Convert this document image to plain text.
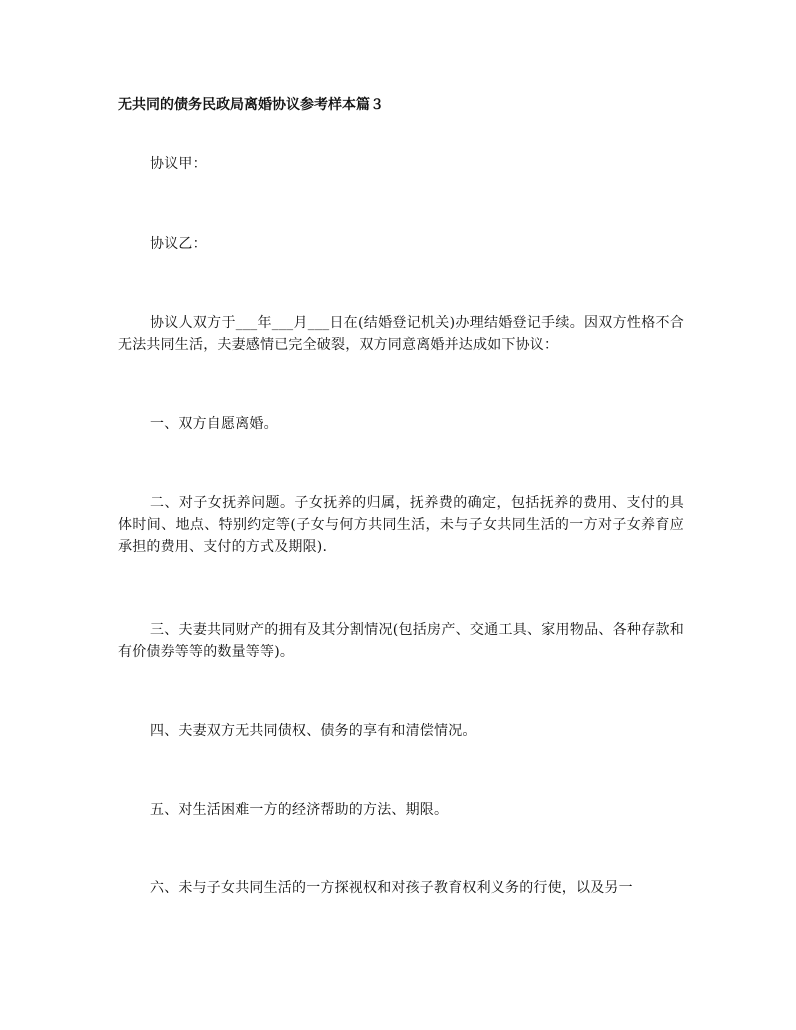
无共同的债务民政局离婚协议参考样本篇３

协议甲：

协议乙：

协议人双方于___年___月___日在(结婚登记机关)办理结婚登记手续。因双方性格不合无法共同生活，夫妻感情已完全破裂，双方同意离婚并达成如下协议：

一、双方自愿离婚。

二、对子女抚养问题。子女抚养的归属，抚养费的确定，包括抚养的费用、支付的具体时间、地点、特别约定等(子女与何方共同生活，未与子女共同生活的一方对子女养育应承担的费用、支付的方式及期限).

三、夫妻共同财产的拥有及其分割情况(包括房产、交通工具、家用物品、各种存款和有价债券等等的数量等等)。

四、夫妻双方无共同债权、债务的享有和清偿情况。

五、对生活困难一方的经济帮助的方法、期限。

六、未与子女共同生活的一方探视权和对孩子教育权利义务的行使，以及另一
